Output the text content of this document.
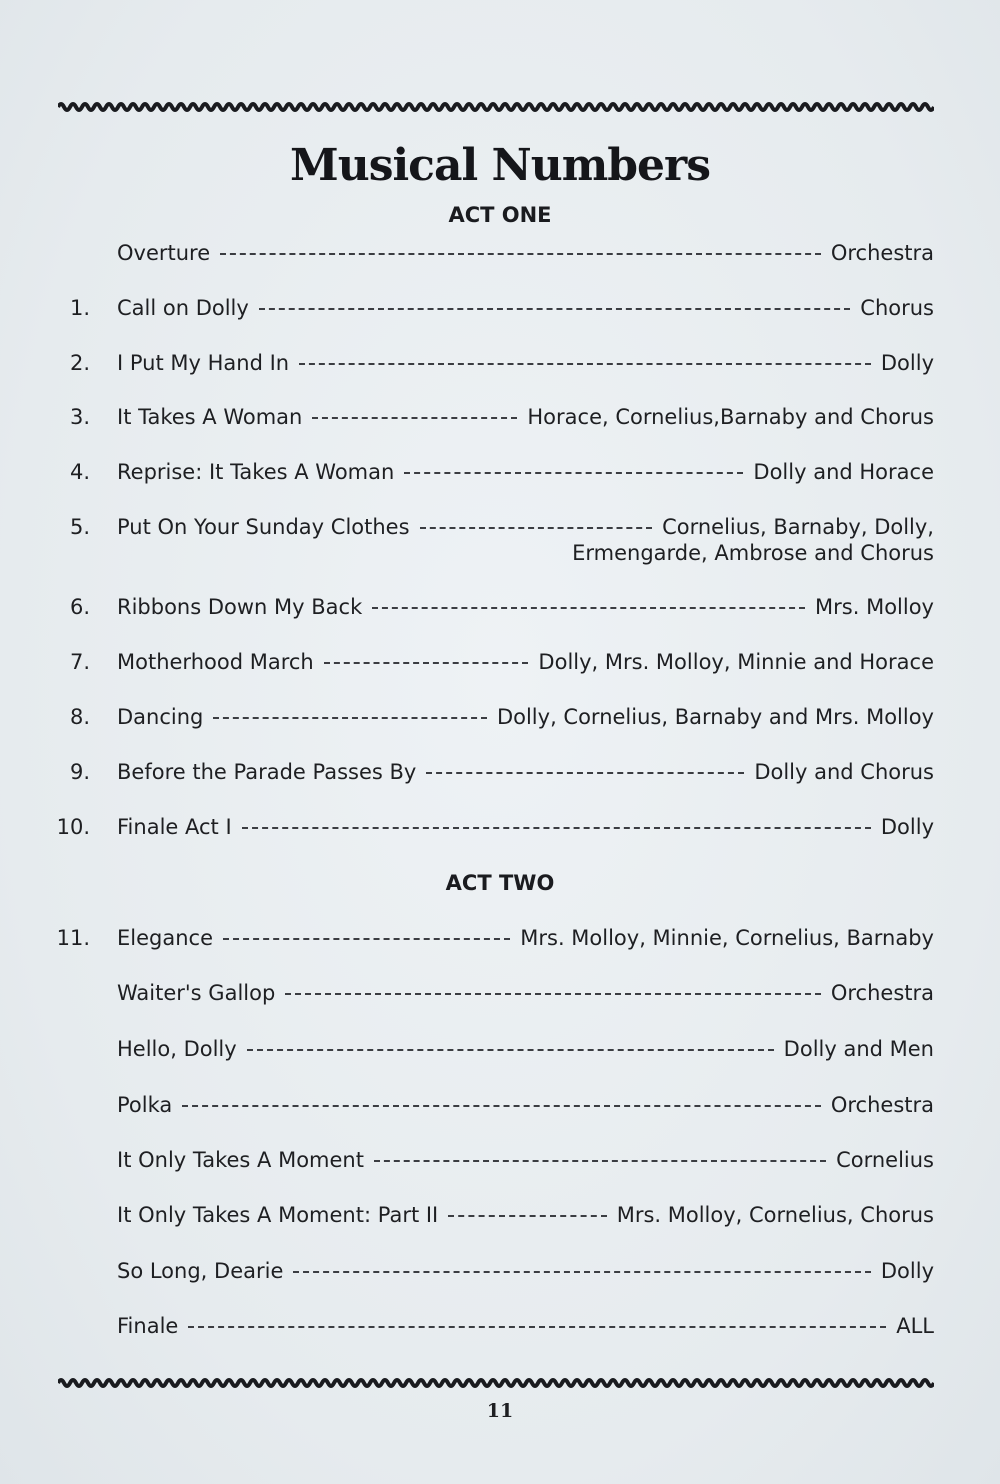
Musical Numbers
ACT ONE
Overture	Orchestra
1. Call on Dolly	Chorus
2. I Put My Hand In	Dolly
3. It Takes A Woman	Horace, Cornelius,Barnaby and Chorus
4. Reprise: It Takes A Woman	Dolly and Horace
5. Put On Your Sunday Clothes	Cornelius, Barnaby, Dolly,
Ermengarde, Ambrose and Chorus
6. Ribbons Down My Back	Mrs. Molloy
7. Motherhood March	Dolly, Mrs. Molloy, Minnie and Horace
8. Dancing	Dolly, Cornelius, Barnaby and Mrs. Molloy
9. Before the Parade Passes By	Dolly and Chorus
10. Finale Act I	Dolly
ACT TWO
11. Elegance	Mrs. Molloy, Minnie, Cornelius, Barnaby
Waiter's Gallop	Orchestra
Hello, Dolly	Dolly and Men
Polka	Orchestra
It Only Takes A Moment	Cornelius
It Only Takes A Moment: Part II	Mrs. Molloy, Cornelius, Chorus
So Long, Dearie	Dolly
Finale	ALL
11
